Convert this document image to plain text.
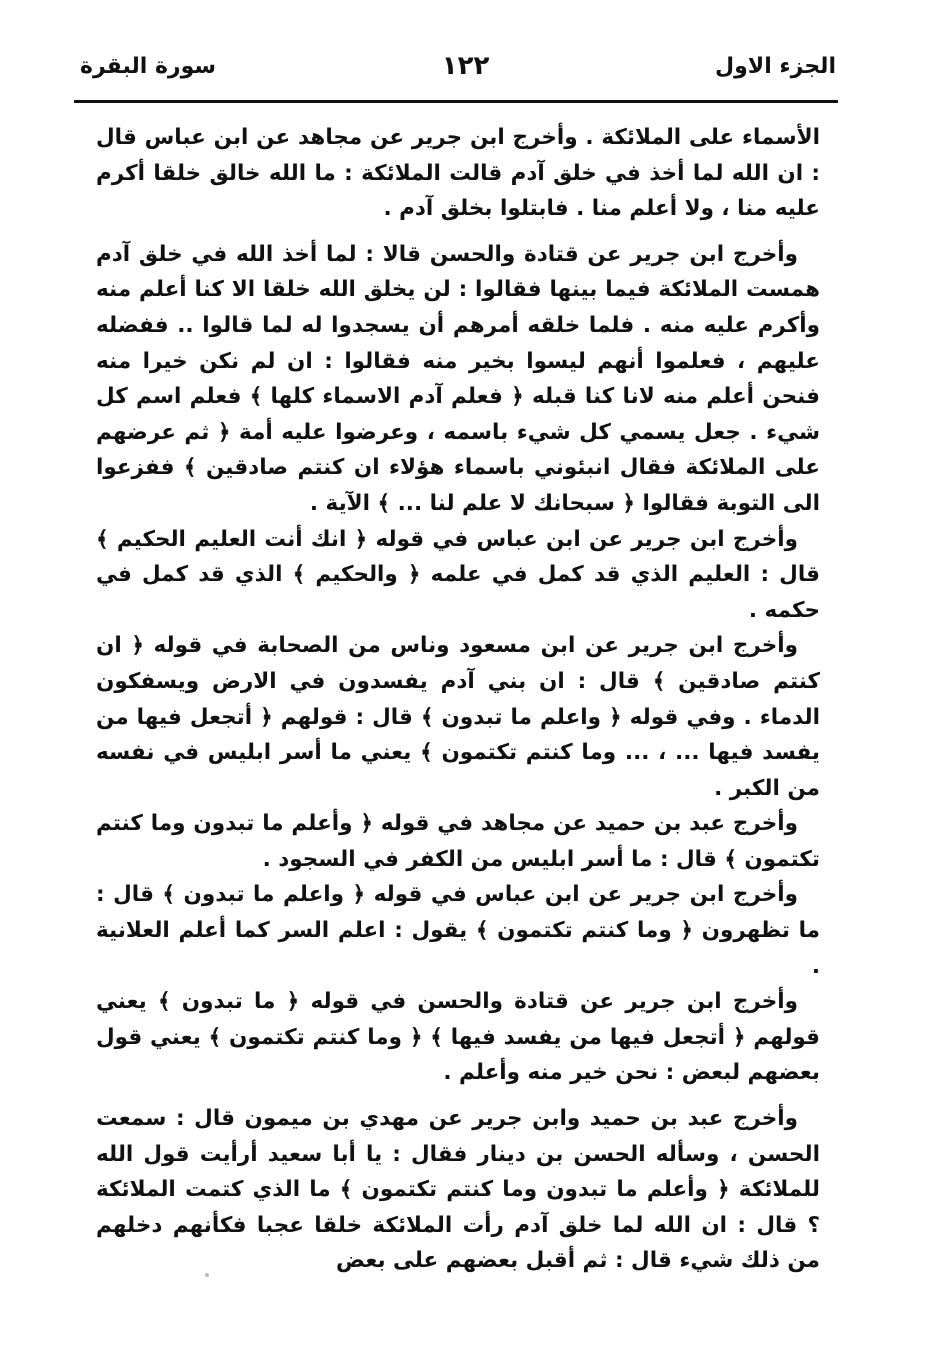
الجزء الاول
١٢٢
سورة البقرة

الأسماء على الملائكة . وأخرج ابن جرير عن مجاهد عن ابن عباس قال : ان الله لما أخذ في خلق آدم قالت الملائكة : ما الله خالق خلقا أكرم عليه منا ، ولا أعلم منا . فابتلوا بخلق آدم .

وأخرج ابن جرير عن قتادة والحسن قالا : لما أخذ الله في خلق آدم همست الملائكة فيما بينها فقالوا : لن يخلق الله خلقا الا كنا أعلم منه وأكرم عليه منه . فلما خلقه أمرهم أن يسجدوا له لما قالوا .. ففضله عليهم ، فعلموا أنهم ليسوا بخير منه فقالوا : ان لم نكن خيرا منه فنحن أعلم منه لانا كنا قبله ﴿ فعلم آدم الاسماء كلها ﴾ فعلم اسم كل شيء . جعل يسمي كل شيء باسمه ، وعرضوا عليه أمة ﴿ ثم عرضهم على الملائكة فقال انبئوني باسماء هؤلاء ان كنتم صادقين ﴾ ففزعوا الى التوبة فقالوا ﴿ سبحانك لا علم لنا ... ﴾ الآية .

وأخرج ابن جرير عن ابن عباس في قوله ﴿ انك أنت العليم الحكيم ﴾ قال : العليم الذي قد كمل في علمه ﴿ والحكيم ﴾ الذي قد كمل في حكمه .

وأخرج ابن جرير عن ابن مسعود وناس من الصحابة في قوله ﴿ ان كنتم صادقين ﴾ قال : ان بني آدم يفسدون في الارض ويسفكون الدماء . وفي قوله ﴿ واعلم ما تبدون ﴾ قال : قولهم ﴿ أتجعل فيها من يفسد فيها ... ، ... وما كنتم تكتمون ﴾ يعني ما أسر ابليس في نفسه من الكبر .

وأخرج عبد بن حميد عن مجاهد في قوله ﴿ وأعلم ما تبدون وما كنتم تكتمون ﴾ قال : ما أسر ابليس من الكفر في السجود .

وأخرج ابن جرير عن ابن عباس في قوله ﴿ واعلم ما تبدون ﴾ قال : ما تظهرون ﴿ وما كنتم تكتمون ﴾ يقول : اعلم السر كما أعلم العلانية .

وأخرج ابن جرير عن قتادة والحسن في قوله ﴿ ما تبدون ﴾ يعني قولهم ﴿ أتجعل فيها من يفسد فيها ﴾ ﴿ وما كنتم تكتمون ﴾ يعني قول بعضهم لبعض : نحن خير منه وأعلم .

وأخرج عبد بن حميد وابن جرير عن مهدي بن ميمون قال : سمعت الحسن ، وسأله الحسن بن دينار فقال : يا أبا سعيد أرأيت قول الله للملائكة ﴿ وأعلم ما تبدون وما كنتم تكتمون ﴾ ما الذي كتمت الملائكة ؟ قال : ان الله لما خلق آدم رأت الملائكة خلقا عجبا فكأنهم دخلهم من ذلك شيء قال : ثم أقبل بعضهم على بعض
